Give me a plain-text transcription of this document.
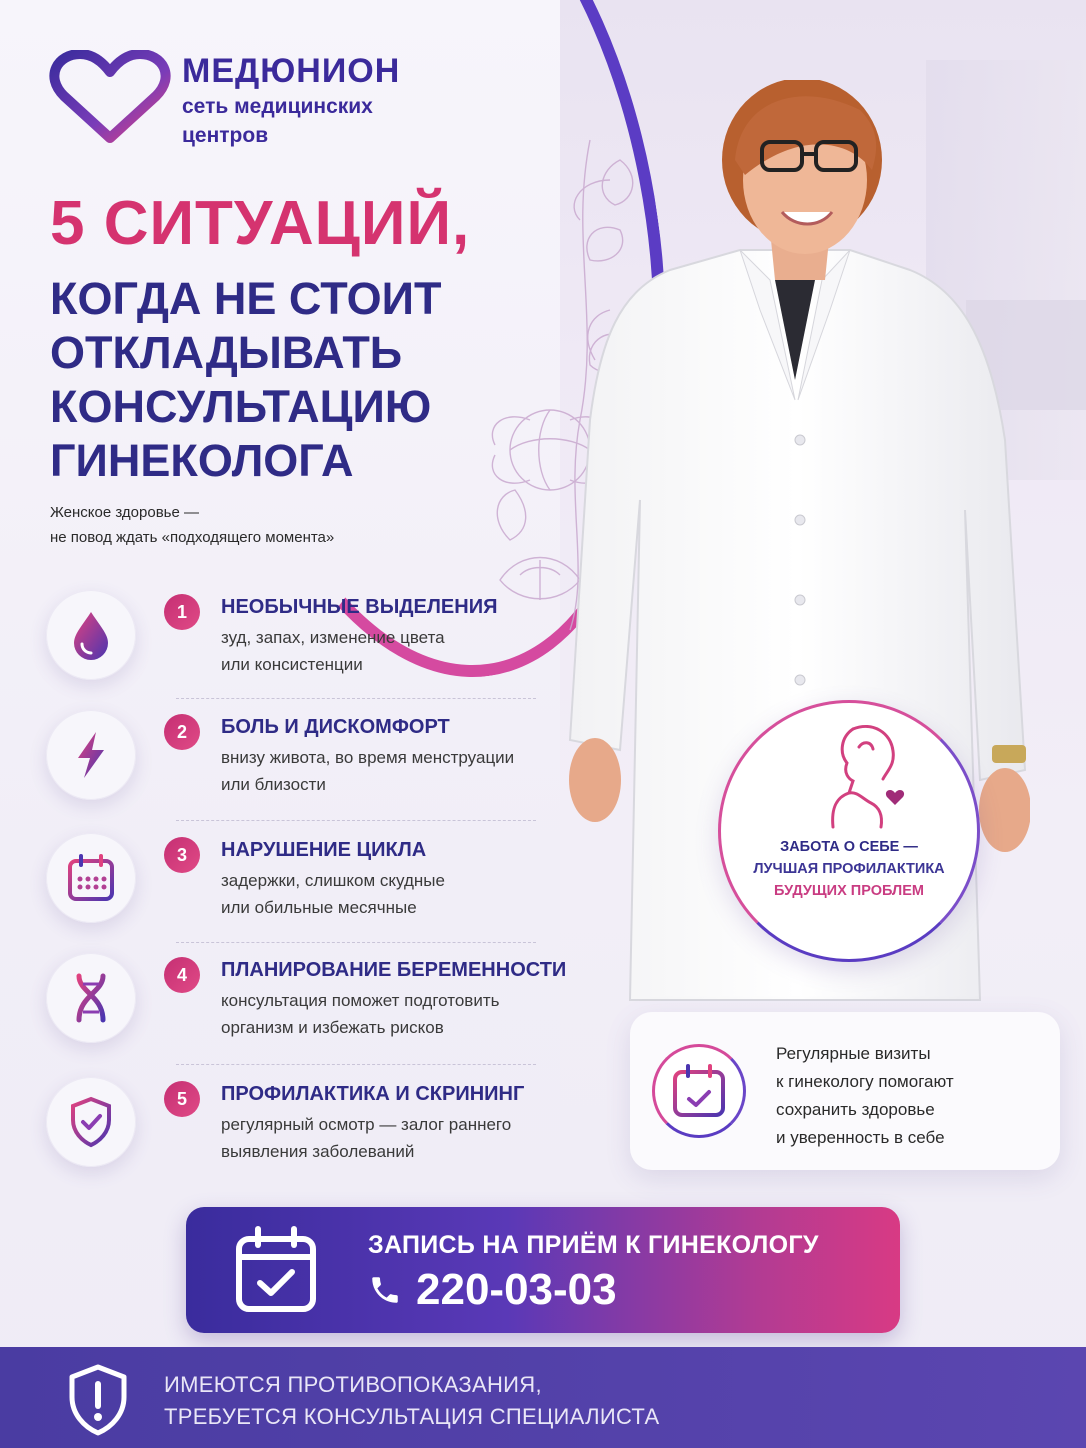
МЕДЮНИОН
сеть медицинских
центров
5 СИТУАЦИЙ,
КОГДА НЕ СТОИТ
ОТКЛАДЫВАТЬ
КОНСУЛЬТАЦИЮ
ГИНЕКОЛОГА
Женское здоровье —
не повод ждать «подходящего момента»
1	НЕОБЫЧНЫЕ ВЫДЕЛЕНИЯ
зуд, запах, изменение цвета
или консистенции
2	БОЛЬ И ДИСКОМФОРТ
внизу живота, во время менструации
или близости
3	НАРУШЕНИЕ ЦИКЛА
задержки, слишком скудные
или обильные месячные
4	ПЛАНИРОВАНИЕ БЕРЕМЕННОСТИ
консультация поможет подготовить
организм и избежать рисков
5	ПРОФИЛАКТИКА И СКРИНИНГ
регулярный осмотр — залог раннего
выявления заболеваний
ЗАБОТА О СЕБЕ —
ЛУЧШАЯ ПРОФИЛАКТИКА
БУДУЩИХ ПРОБЛЕМ
Регулярные визиты
к гинекологу помогают
сохранить здоровье
и уверенность в себе
ЗАПИСЬ НА ПРИЁМ К ГИНЕКОЛОГУ
220-03-03
ИМЕЮТСЯ ПРОТИВОПОКАЗАНИЯ,
ТРЕБУЕТСЯ КОНСУЛЬТАЦИЯ СПЕЦИАЛИСТА
